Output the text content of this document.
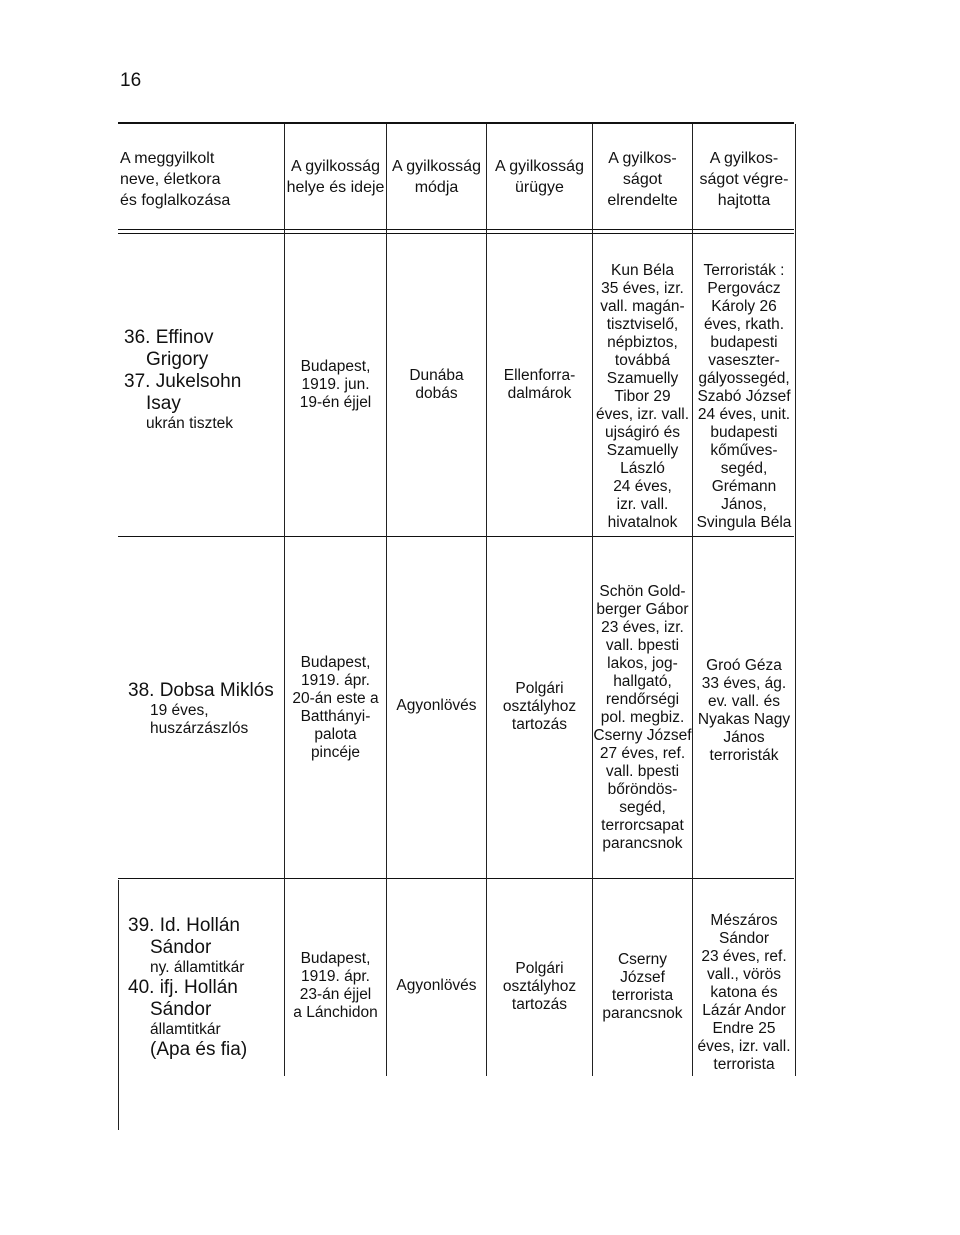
16
A meggyilkolt
neve, életkora
és foglalkozása
A gyilkosság
helye és ideje
A gyilkosság
módja
A gyilkosság
ürügye
A gyilkos-
ságot
elrendelte
A gyilkos-
ságot végre-
hajtotta
36. Effinov
Grigory
37. Jukelsohn
Isay
ukrán tisztek
Budapest,
1919. jun.
19-én éjjel
Dunába
dobás
Ellenforra-
dalmárok
Kun Béla
35 éves, izr.
vall. magán-
tisztviselő,
népbiztos,
továbbá
Szamuelly
Tibor 29
éves, izr. vall.
ujságiró és
Szamuelly
László
24 éves,
izr. vall.
hivatalnok
Terroristák :
Pergovácz
Károly 26
éves, rkath.
budapesti
vaseszter-
gályossegéd,
Szabó József
24 éves, unit.
budapesti
kőműves-
segéd,
Grémann
János,
Svingula Béla
38. Dobsa Miklós
19 éves,
huszárzászlós
Budapest,
1919. ápr.
20-án este a
Batthányi-
palota
pincéje
Agyonlövés
Polgári
osztályhoz
tartozás
Schön Gold-
berger Gábor
23 éves, izr.
vall. bpesti
lakos, jog-
hallgató,
rendőrségi
pol. megbiz.
Cserny József
27 éves, ref.
vall. bpesti
bőröndös-
segéd,
terrorcsapat
parancsnok
Groó Géza
33 éves, ág.
ev. vall. és
Nyakas Nagy
János
terroristák
39. Id. Hollán
Sándor
ny. államtitkár
40. ifj. Hollán
Sándor
államtitkár
(Apa és fia)
Budapest,
1919. ápr.
23-án éjjel
a Lánchidon
Agyonlövés
Polgári
osztályhoz
tartozás
Cserny
József
terrorista
parancsnok
Mészáros
Sándor
23 éves, ref.
vall., vörös
katona és
Lázár Andor
Endre 25
éves, izr. vall.
terrorista
